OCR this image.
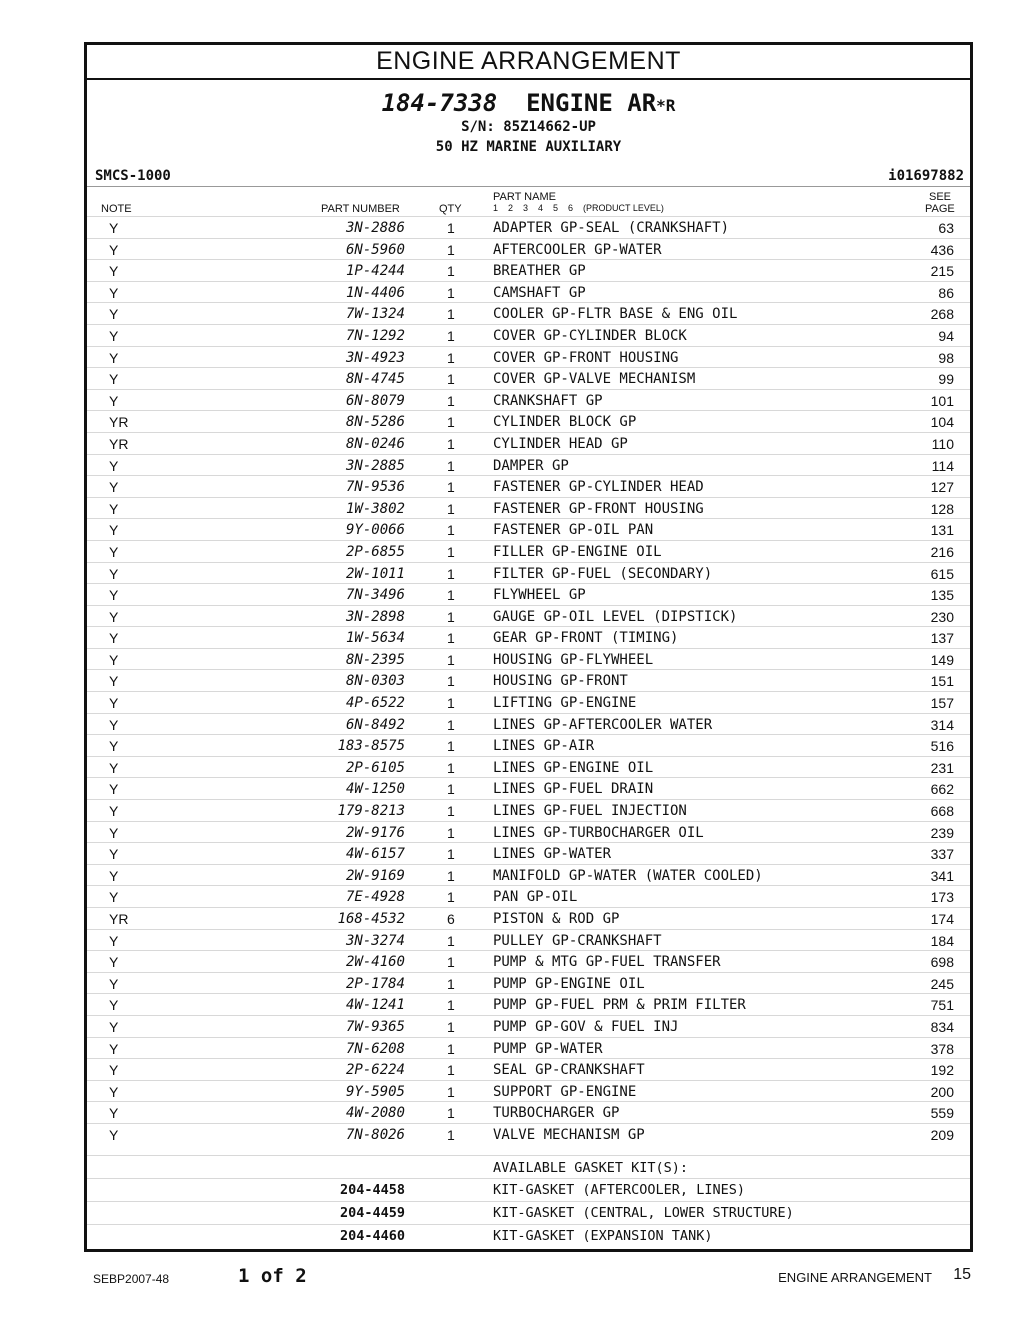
ENGINE ARRANGEMENT
184-7338 ENGINE AR*R
S/N: 85Z14662-UP
50 HZ MARINE AUXILIARY
SMCS-1000	i01697882
NOTE	PART NUMBER	QTY
PART NAME
1    2    3    4    5    6    (PRODUCT LEVEL)
SEE
PAGE
Y	3N-2886	1	ADAPTER GP-SEAL (CRANKSHAFT)	63
Y	6N-5960	1	AFTERCOOLER GP-WATER	436
Y	1P-4244	1	BREATHER GP	215
Y	1N-4406	1	CAMSHAFT GP	86
Y	7W-1324	1	COOLER GP-FLTR BASE & ENG OIL	268
Y	7N-1292	1	COVER GP-CYLINDER BLOCK	94
Y	3N-4923	1	COVER GP-FRONT HOUSING	98
Y	8N-4745	1	COVER GP-VALVE MECHANISM	99
Y	6N-8079	1	CRANKSHAFT GP	101
YR	8N-5286	1	CYLINDER BLOCK GP	104
YR	8N-0246	1	CYLINDER HEAD GP	110
Y	3N-2885	1	DAMPER GP	114
Y	7N-9536	1	FASTENER GP-CYLINDER HEAD	127
Y	1W-3802	1	FASTENER GP-FRONT HOUSING	128
Y	9Y-0066	1	FASTENER GP-OIL PAN	131
Y	2P-6855	1	FILLER GP-ENGINE OIL	216
Y	2W-1011	1	FILTER GP-FUEL (SECONDARY)	615
Y	7N-3496	1	FLYWHEEL GP	135
Y	3N-2898	1	GAUGE GP-OIL LEVEL (DIPSTICK)	230
Y	1W-5634	1	GEAR GP-FRONT (TIMING)	137
Y	8N-2395	1	HOUSING GP-FLYWHEEL	149
Y	8N-0303	1	HOUSING GP-FRONT	151
Y	4P-6522	1	LIFTING GP-ENGINE	157
Y	6N-8492	1	LINES GP-AFTERCOOLER WATER	314
Y	183-8575	1	LINES GP-AIR	516
Y	2P-6105	1	LINES GP-ENGINE OIL	231
Y	4W-1250	1	LINES GP-FUEL DRAIN	662
Y	179-8213	1	LINES GP-FUEL INJECTION	668
Y	2W-9176	1	LINES GP-TURBOCHARGER OIL	239
Y	4W-6157	1	LINES GP-WATER	337
Y	2W-9169	1	MANIFOLD GP-WATER (WATER COOLED)	341
Y	7E-4928	1	PAN GP-OIL	173
YR	168-4532	6	PISTON & ROD GP	174
Y	3N-3274	1	PULLEY GP-CRANKSHAFT	184
Y	2W-4160	1	PUMP & MTG GP-FUEL TRANSFER	698
Y	2P-1784	1	PUMP GP-ENGINE OIL	245
Y	4W-1241	1	PUMP GP-FUEL PRM & PRIM FILTER	751
Y	7W-9365	1	PUMP GP-GOV & FUEL INJ	834
Y	7N-6208	1	PUMP GP-WATER	378
Y	2P-6224	1	SEAL GP-CRANKSHAFT	192
Y	9Y-5905	1	SUPPORT GP-ENGINE	200
Y	4W-2080	1	TURBOCHARGER GP	559
Y	7N-8026	1	VALVE MECHANISM GP	209
AVAILABLE GASKET KIT(S):
204-4458	KIT-GASKET (AFTERCOOLER, LINES)
204-4459	KIT-GASKET (CENTRAL, LOWER STRUCTURE)
204-4460	KIT-GASKET (EXPANSION TANK)
SEBP2007-48	1 of 2	ENGINE ARRANGEMENT 15
